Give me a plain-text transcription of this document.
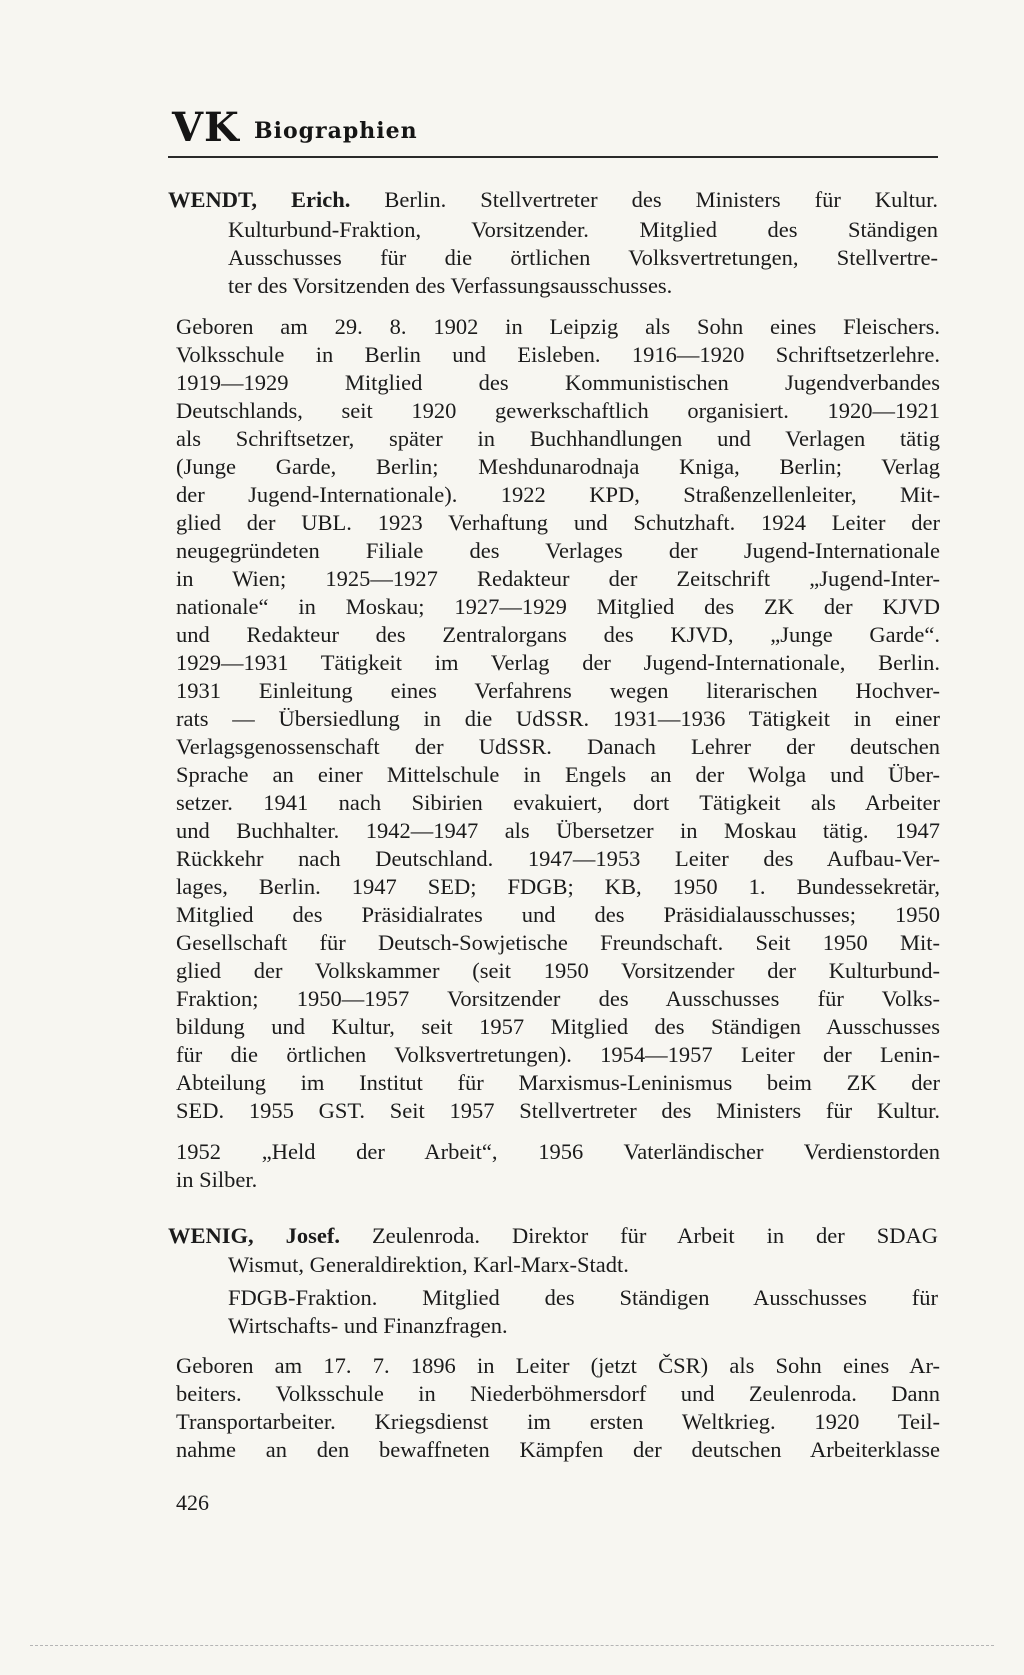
VK Biographien
WENDT, Erich. Berlin. Stellvertreter des Ministers für Kultur.
Kulturbund-Fraktion, Vorsitzender. Mitglied des Ständigen
Ausschusses für die örtlichen Volksvertretungen, Stellvertre-
ter des Vorsitzenden des Verfassungsausschusses.
Geboren am 29. 8. 1902 in Leipzig als Sohn eines Fleischers.
Volksschule in Berlin und Eisleben. 1916—1920 Schriftsetzerlehre.
1919—1929 Mitglied des Kommunistischen Jugendverbandes
Deutschlands, seit 1920 gewerkschaftlich organisiert. 1920—1921
als Schriftsetzer, später in Buchhandlungen und Verlagen tätig
(Junge Garde, Berlin; Meshdunarodnaja Kniga, Berlin; Verlag
der Jugend-Internationale). 1922 KPD, Straßenzellenleiter, Mit-
glied der UBL. 1923 Verhaftung und Schutzhaft. 1924 Leiter der
neugegründeten Filiale des Verlages der Jugend-Internationale
in Wien; 1925—1927 Redakteur der Zeitschrift „Jugend-Inter-
nationale“ in Moskau; 1927—1929 Mitglied des ZK der KJVD
und Redakteur des Zentralorgans des KJVD, „Junge Garde“.
1929—1931 Tätigkeit im Verlag der Jugend-Internationale, Berlin.
1931 Einleitung eines Verfahrens wegen literarischen Hochver-
rats — Übersiedlung in die UdSSR. 1931—1936 Tätigkeit in einer
Verlagsgenossenschaft der UdSSR. Danach Lehrer der deutschen
Sprache an einer Mittelschule in Engels an der Wolga und Über-
setzer. 1941 nach Sibirien evakuiert, dort Tätigkeit als Arbeiter
und Buchhalter. 1942—1947 als Übersetzer in Moskau tätig. 1947
Rückkehr nach Deutschland. 1947—1953 Leiter des Aufbau-Ver-
lages, Berlin. 1947 SED; FDGB; KB, 1950 1. Bundessekretär,
Mitglied des Präsidialrates und des Präsidialausschusses; 1950
Gesellschaft für Deutsch-Sowjetische Freundschaft. Seit 1950 Mit-
glied der Volkskammer (seit 1950 Vorsitzender der Kulturbund-
Fraktion; 1950—1957 Vorsitzender des Ausschusses für Volks-
bildung und Kultur, seit 1957 Mitglied des Ständigen Ausschusses
für die örtlichen Volksvertretungen). 1954—1957 Leiter der Lenin-
Abteilung im Institut für Marxismus-Leninismus beim ZK der
SED. 1955 GST. Seit 1957 Stellvertreter des Ministers für Kultur.
1952 „Held der Arbeit“, 1956 Vaterländischer Verdienstorden
in Silber.
WENIG, Josef. Zeulenroda. Direktor für Arbeit in der SDAG
Wismut, Generaldirektion, Karl-Marx-Stadt.
FDGB-Fraktion. Mitglied des Ständigen Ausschusses für
Wirtschafts- und Finanzfragen.
Geboren am 17. 7. 1896 in Leiter (jetzt ČSR) als Sohn eines Ar-
beiters. Volksschule in Niederböhmersdorf und Zeulenroda. Dann
Transportarbeiter. Kriegsdienst im ersten Weltkrieg. 1920 Teil-
nahme an den bewaffneten Kämpfen der deutschen Arbeiterklasse
426
